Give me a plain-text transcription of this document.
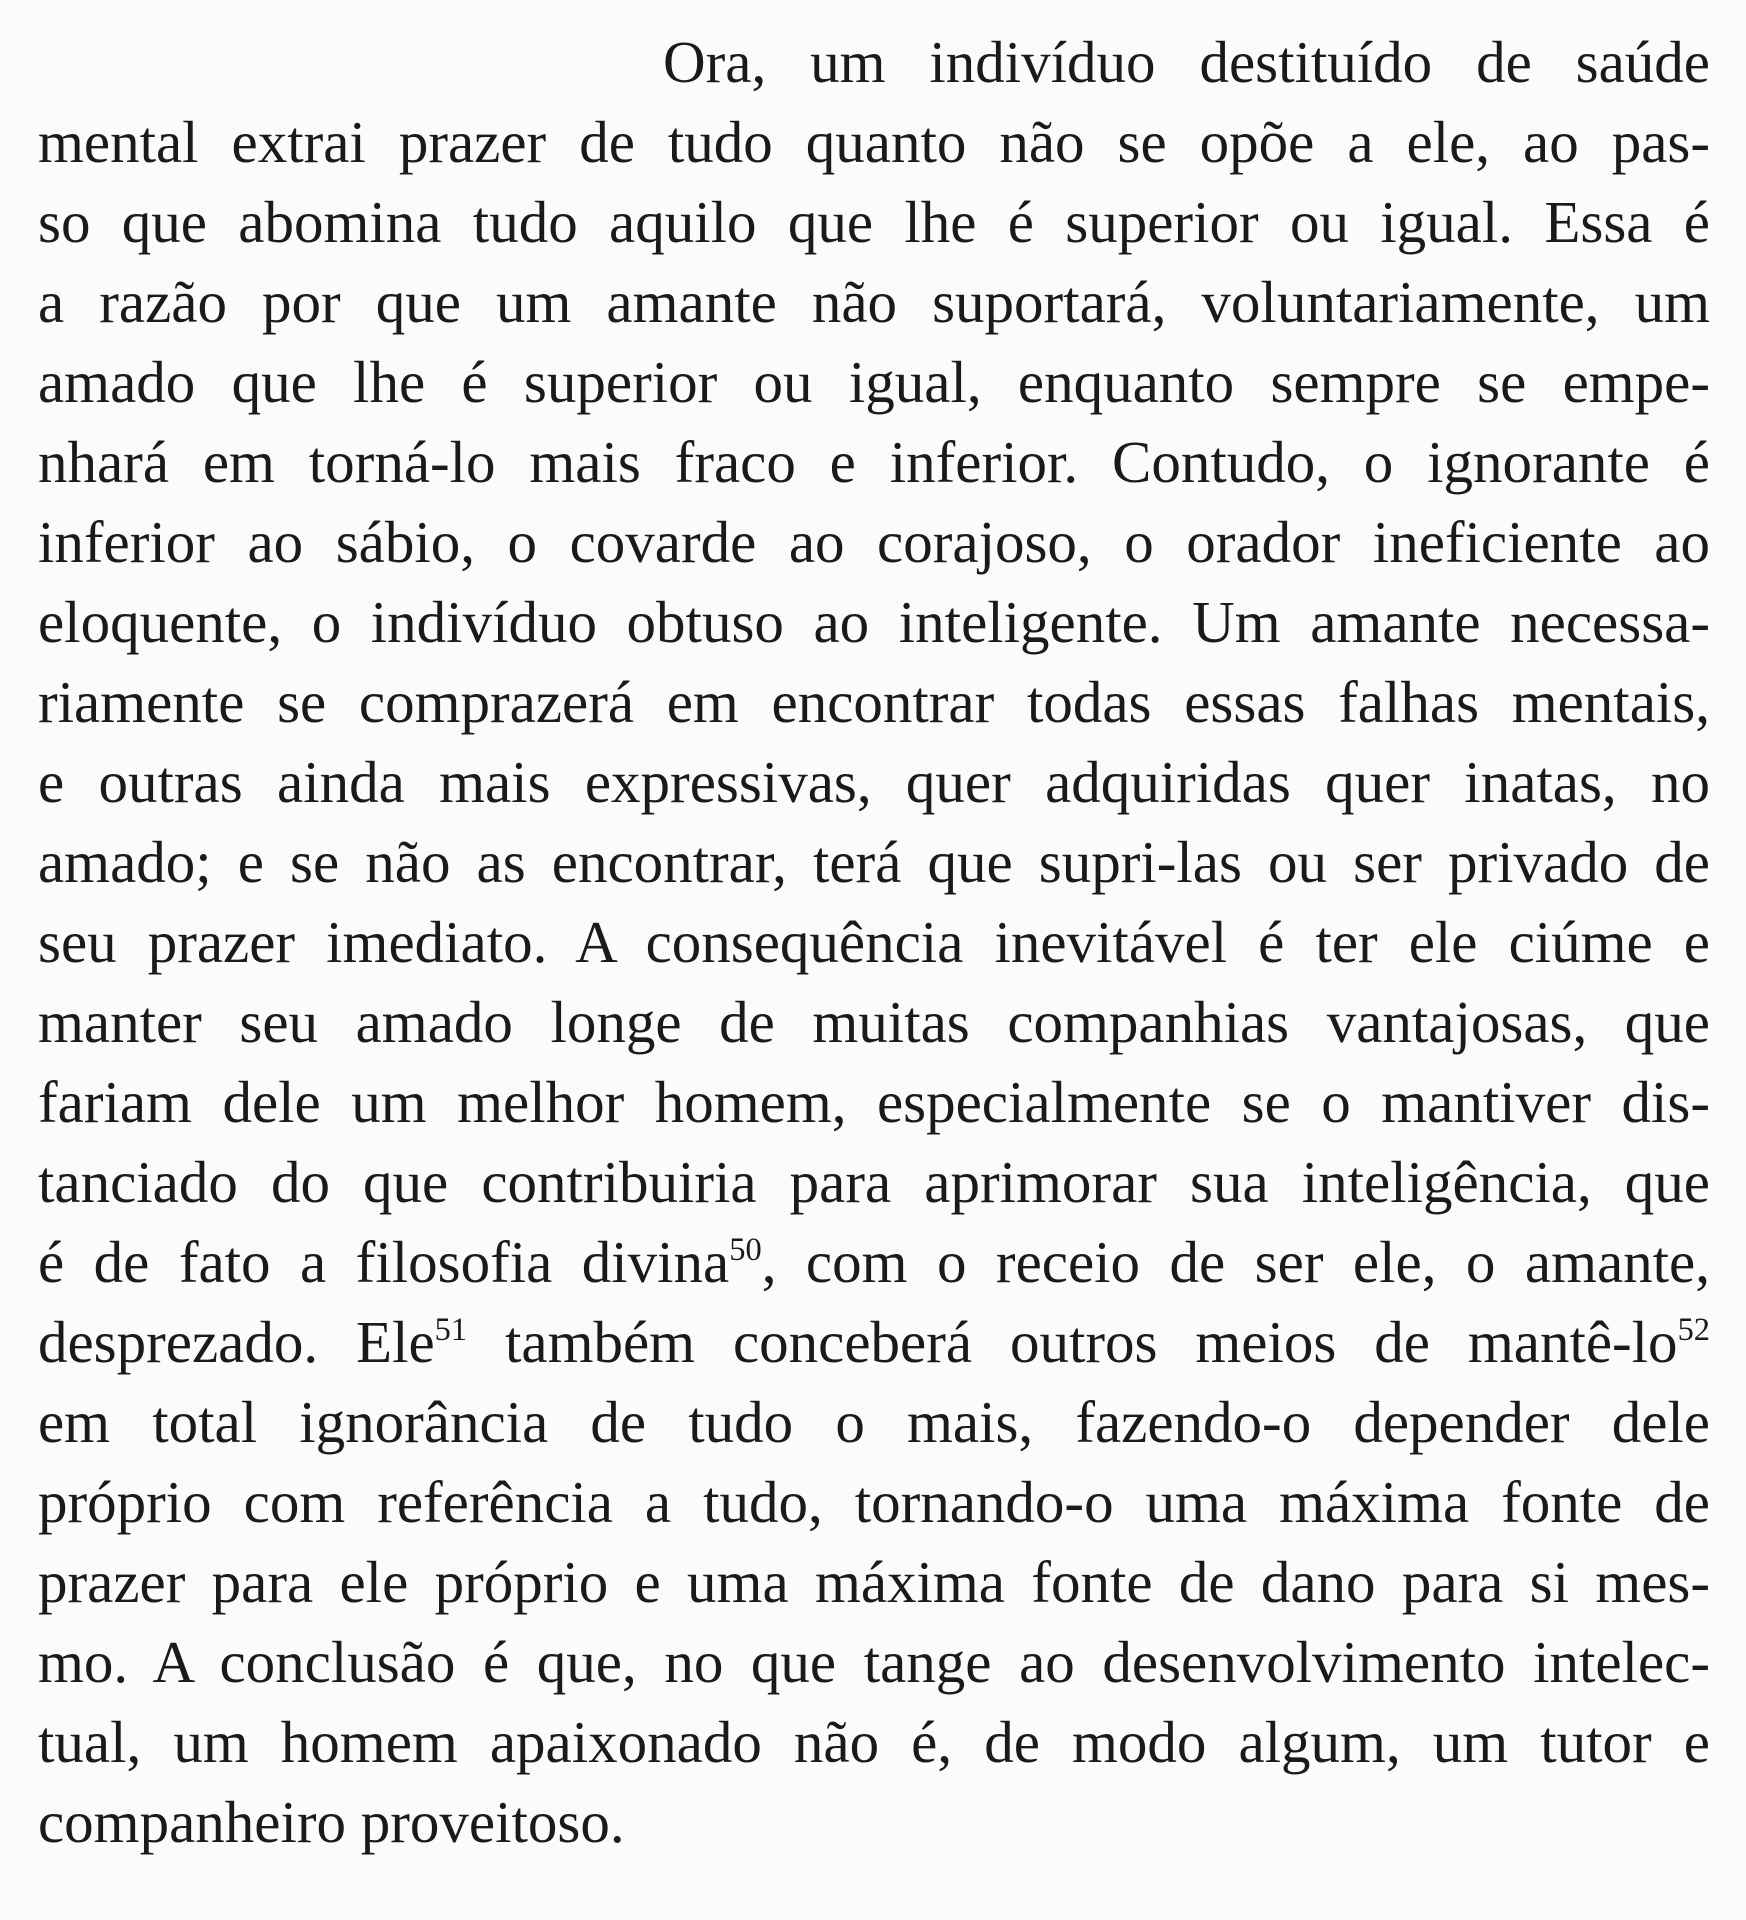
Ora, um indivíduo destituído de saúde
mental extrai prazer de tudo quanto não se opõe a ele, ao pas-
so que abomina tudo aquilo que lhe é superior ou igual. Essa é
a razão por que um amante não suportará, voluntariamente, um
amado que lhe é superior ou igual, enquanto sempre se empe-
nhará em torná-lo mais fraco e inferior. Contudo, o ignorante é
inferior ao sábio, o covarde ao corajoso, o orador ineficiente ao
eloquente, o indivíduo obtuso ao inteligente. Um amante necessa-
riamente se comprazerá em encontrar todas essas falhas mentais,
e outras ainda mais expressivas, quer adquiridas quer inatas, no
amado; e se não as encontrar, terá que supri-las ou ser privado de
seu prazer imediato. A consequência inevitável é ter ele ciúme e
manter seu amado longe de muitas companhias vantajosas, que
fariam dele um melhor homem, especialmente se o mantiver dis-
tanciado do que contribuiria para aprimorar sua inteligência, que
é de fato a filosofia divina$^{50}$, com o receio de ser ele, o amante,
desprezado. Ele$^{51}$ também conceberá outros meios de mantê-$lo^{52}$
em total ignorância de tudo o mais, fazendo-o depender dele
próprio com referência a tudo, tornando-o uma máxima fonte de
prazer para ele próprio e uma máxima fonte de dano para si mes-
mo. A conclusão é que, no que tange ao desenvolvimento intelec-
tual, um homem apaixonado não é, de modo algum, um tutor e
companheiro proveitoso.
